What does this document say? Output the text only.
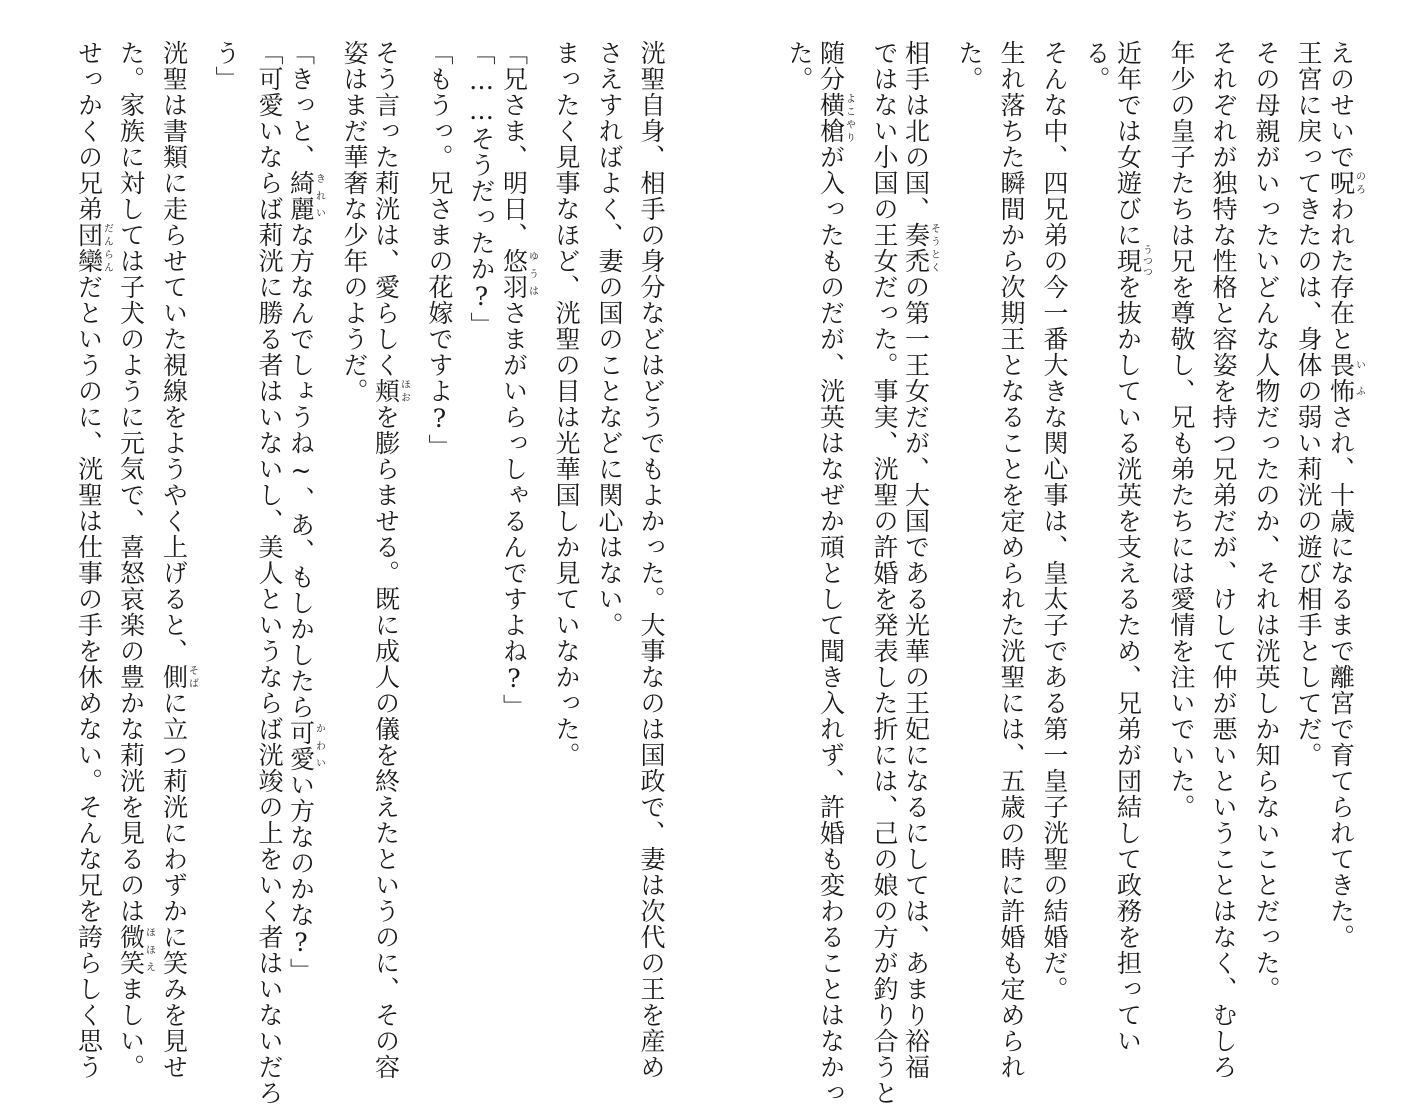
えのせいで呪のろわれた存在と畏怖いふされ、十歳になるまで離宮で育てられてきた。

王宮に戻ってきたのは、身体の弱い莉洸の遊び相手としてだ。

その母親がいったいどんな人物だったのか、それは洸英しか知らないことだった。

それぞれが独特な性格と容姿を持つ兄弟だが、けして仲が悪いということはなく、むしろ

年少の皇子たちは兄を尊敬し、兄も弟たちには愛情を注いでいた。

近年では女遊びに現うつつを抜かしている洸英を支えるため、兄弟が団結して政務を担ってい

る。

そんな中、四兄弟の今一番大きな関心事は、皇太子である第一皇子洸聖の結婚だ。

生れ落ちた瞬間から次期王となることを定められた洸聖には、五歳の時に許婚も定められ

た。

相手は北の国、奏禿そうとくの第一王女だが、大国である光華の王妃になるにしては、あまり裕福

ではない小国の王女だった。事実、洸聖の許婚を発表した折には、己の娘の方が釣り合うと

随分横槍よこやりが入ったものだが、洸英はなぜか頑として聞き入れず、許婚も変わることはなかっ

た。

洸聖自身、相手の身分などはどうでもよかった。大事なのは国政で、妻は次代の王を産め

さえすればよく、妻の国のことなどに関心はない。

まったく見事なほど、洸聖の目は光華国しか見ていなかった。

「兄さま、明日、悠羽ゆうはさまがいらっしゃるんですよね?」

「……そうだったか?」

「もうっ。兄さまの花嫁ですよ?」

そう言った莉洸は、愛らしく頬ほおを膨らませる。既に成人の儀を終えたというのに、その容

姿はまだ華奢な少年のようだ。

「きっと、綺麗きれいな方なんでしょうね~、あ、もしかしたら可愛かわいい方なのかな?」

「可愛いならば莉洸に勝る者はいないし、美人というならば洸竣の上をいく者はいないだろ

う」

洸聖は書類に走らせていた視線をようやく上げると、側そばに立つ莉洸にわずかに笑みを見せ

た。家族に対しては子犬のように元気で、喜怒哀楽の豊かな莉洸を見るのは微笑ほほえましい。

せっかくの兄弟団欒だんらんだというのに、洸聖は仕事の手を休めない。そんな兄を誇らしく思う
